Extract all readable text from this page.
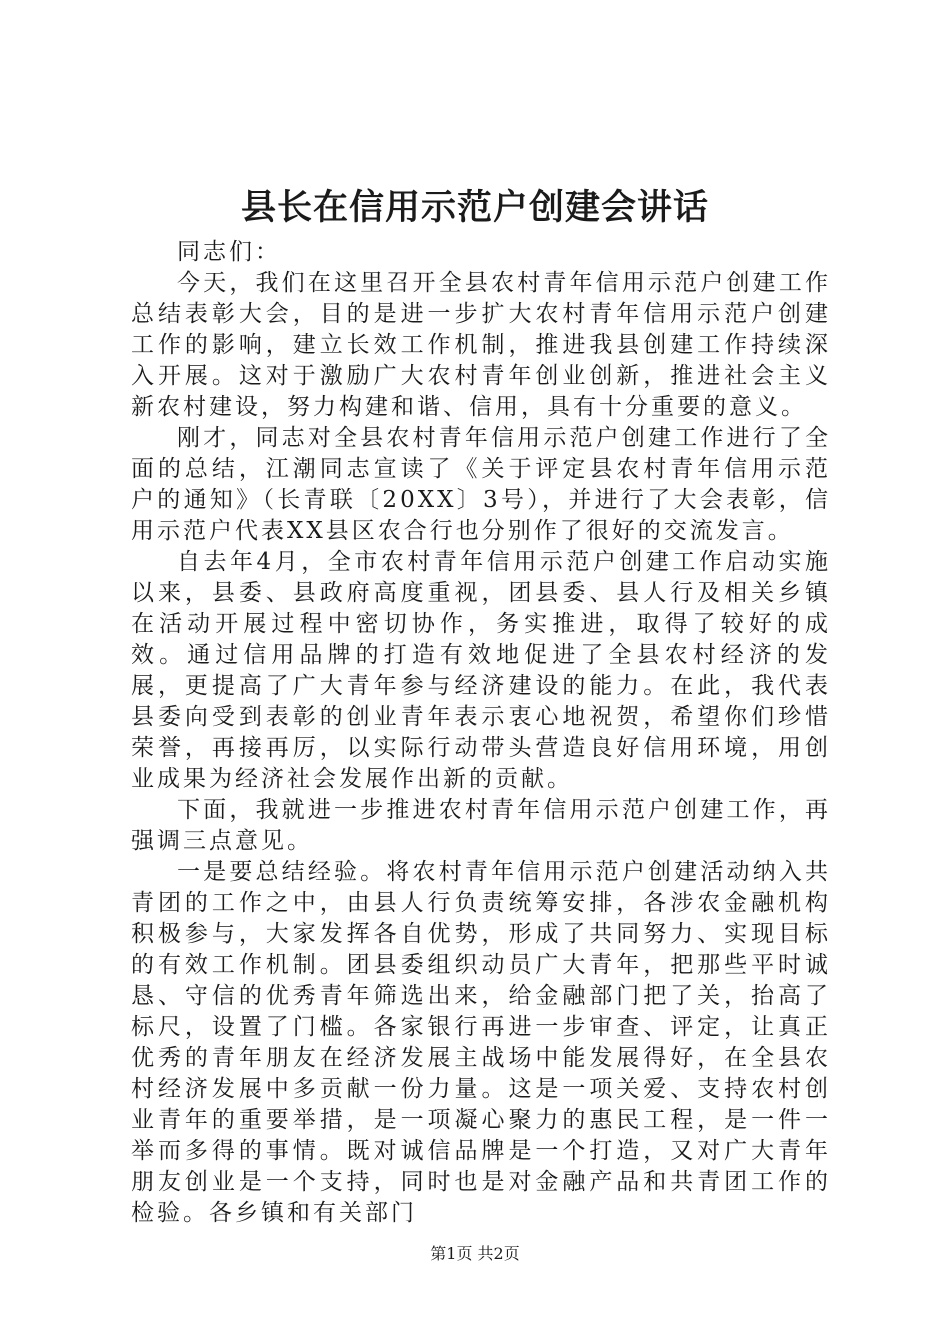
县长在信用示范户创建会讲话

同志们：

今天，我们在这里召开全县农村青年信用示范户创建工作总结表彰大会，目的是进一步扩大农村青年信用示范户创建工作的影响，建立长效工作机制，推进我县创建工作持续深入开展。这对于激励广大农村青年创业创新，推进社会主义新农村建设，努力构建和谐、信用，具有十分重要的意义。

刚才，同志对全县农村青年信用示范户创建工作进行了全面的总结，江潮同志宣读了《关于评定县农村青年信用示范户的通知》（长青联〔20XX〕3号），并进行了大会表彰，信用示范户代表XX县区农合行也分别作了很好的交流发言。

自去年4月，全市农村青年信用示范户创建工作启动实施以来，县委、县政府高度重视，团县委、县人行及相关乡镇在活动开展过程中密切协作，务实推进，取得了较好的成效。通过信用品牌的打造有效地促进了全县农村经济的发展，更提高了广大青年参与经济建设的能力。在此，我代表县委向受到表彰的创业青年表示衷心地祝贺，希望你们珍惜荣誉，再接再厉，以实际行动带头营造良好信用环境，用创业成果为经济社会发展作出新的贡献。

下面，我就进一步推进农村青年信用示范户创建工作，再强调三点意见。

一是要总结经验。将农村青年信用示范户创建活动纳入共青团的工作之中，由县人行负责统筹安排，各涉农金融机构积极参与，大家发挥各自优势，形成了共同努力、实现目标的有效工作机制。团县委组织动员广大青年，把那些平时诚恳、守信的优秀青年筛选出来，给金融部门把了关，抬高了标尺，设置了门槛。各家银行再进一步审查、评定，让真正优秀的青年朋友在经济发展主战场中能发展得好，在全县农村经济发展中多贡献一份力量。这是一项关爱、支持农村创业青年的重要举措，是一项凝心聚力的惠民工程，是一件一举而多得的事情。既对诚信品牌是一个打造，又对广大青年朋友创业是一个支持，同时也是对金融产品和共青团工作的检验。各乡镇和有关部门

第1页 共2页
